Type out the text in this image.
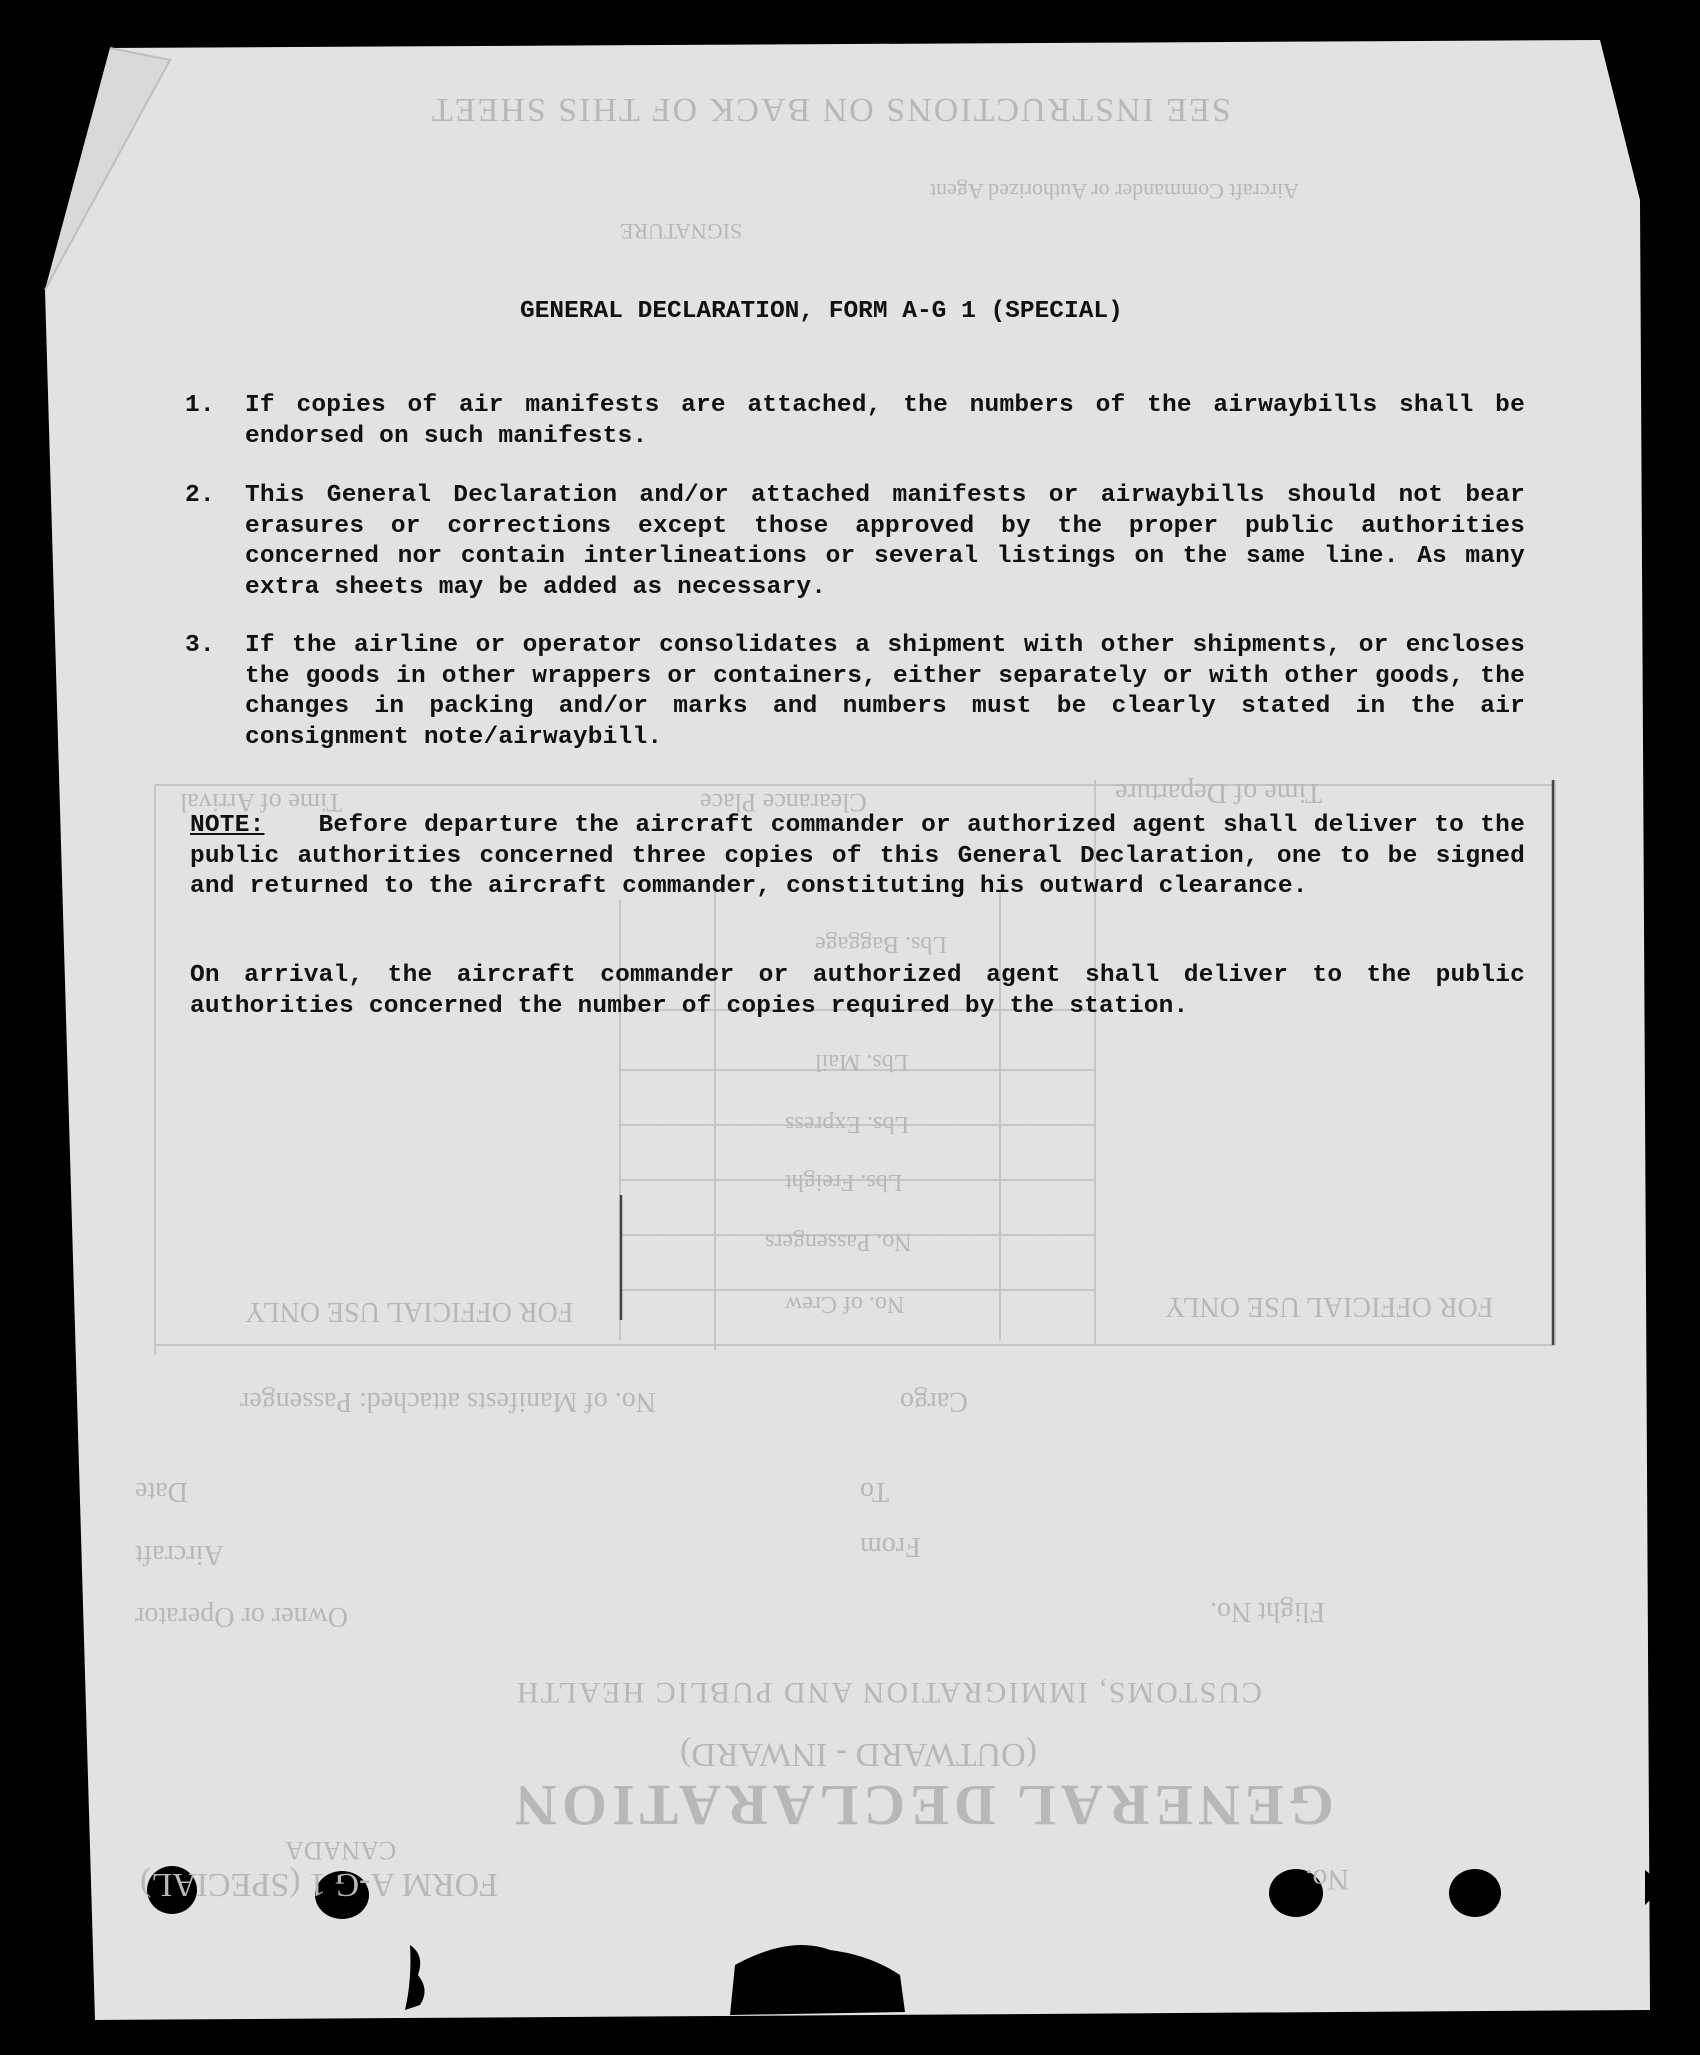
SEE INSTRUCTIONS ON BACK OF THIS SHEET
Aircraft Commander or Authorized Agent
SIGNATURE
Time of Arrival	Clearance Place	Time of Departure
Lbs. Baggage
Lbs. Mail
Lbs. Express
Lbs. Freight
No. Passengers
No. of Crew
FOR OFFICIAL USE ONLY	FOR OFFICIAL USE ONLY
No. of Manifests attached: Passenger	Cargo
Date	To
Aircraft	From
Owner or Operator	Flight No.
CUSTOMS, IMMIGRATION AND PUBLIC HEALTH
(OUTWARD - INWARD)
GENERAL DECLARATION
CANADA
FORM A-G 1 (SPECIAL)	No.
GENERAL DECLARATION, FORM A-G 1 (SPECIAL)
1.	If copies of air manifests are attached, the numbers of the airwaybills shall be endorsed on such manifests.
2.	This General Declaration and/or attached manifests or airwaybills should not bear erasures or corrections except those approved by the proper public authorities concerned nor contain interlineations or several listings on the same line. As many extra sheets may be added as necessary.
3.	If the airline or operator consolidates a shipment with other shipments, or encloses the goods in other wrappers or containers, either separately or with other goods, the changes in packing and/or marks and numbers must be clearly stated in the air consignment note/airwaybill.
NOTE: Before departure the aircraft commander or authorized agent shall deliver to the public authorities concerned three copies of this General Declaration, one to be signed and returned to the aircraft commander, constituting his outward clearance.
On arrival, the aircraft commander or authorized agent shall deliver to the public authorities concerned the number of copies required by the station.
